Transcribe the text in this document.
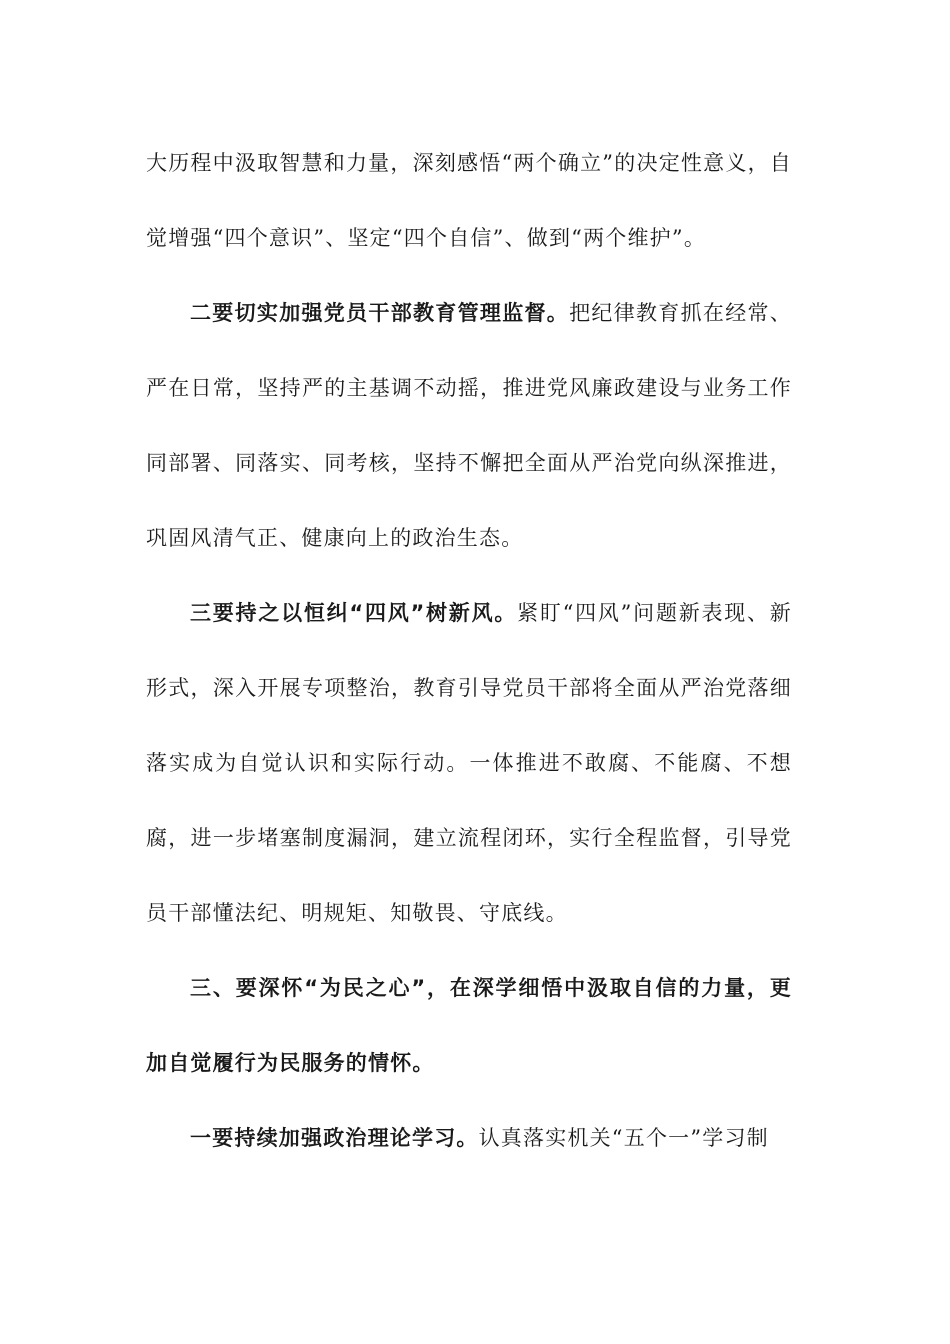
大历程中汲取智慧和力量，深刻感悟“两个确立”的决定性意义，自觉增强“四个意识”、坚定“四个自信”、做到“两个维护”。

二要切实加强党员干部教育管理监督。把纪律教育抓在经常、严在日常，坚持严的主基调不动摇，推进党风廉政建设与业务工作同部署、同落实、同考核，坚持不懈把全面从严治党向纵深推进，巩固风清气正、健康向上的政治生态。

三要持之以恒纠“四风”树新风。紧盯“四风”问题新表现、新形式，深入开展专项整治，教育引导党员干部将全面从严治党落细落实成为自觉认识和实际行动。一体推进不敢腐、不能腐、不想腐，进一步堵塞制度漏洞，建立流程闭环，实行全程监督，引导党员干部懂法纪、明规矩、知敬畏、守底线。

三、要深怀“为民之心”，在深学细悟中汲取自信的力量，更加自觉履行为民服务的情怀。

一要持续加强政治理论学习。认真落实机关“五个一”学习制
